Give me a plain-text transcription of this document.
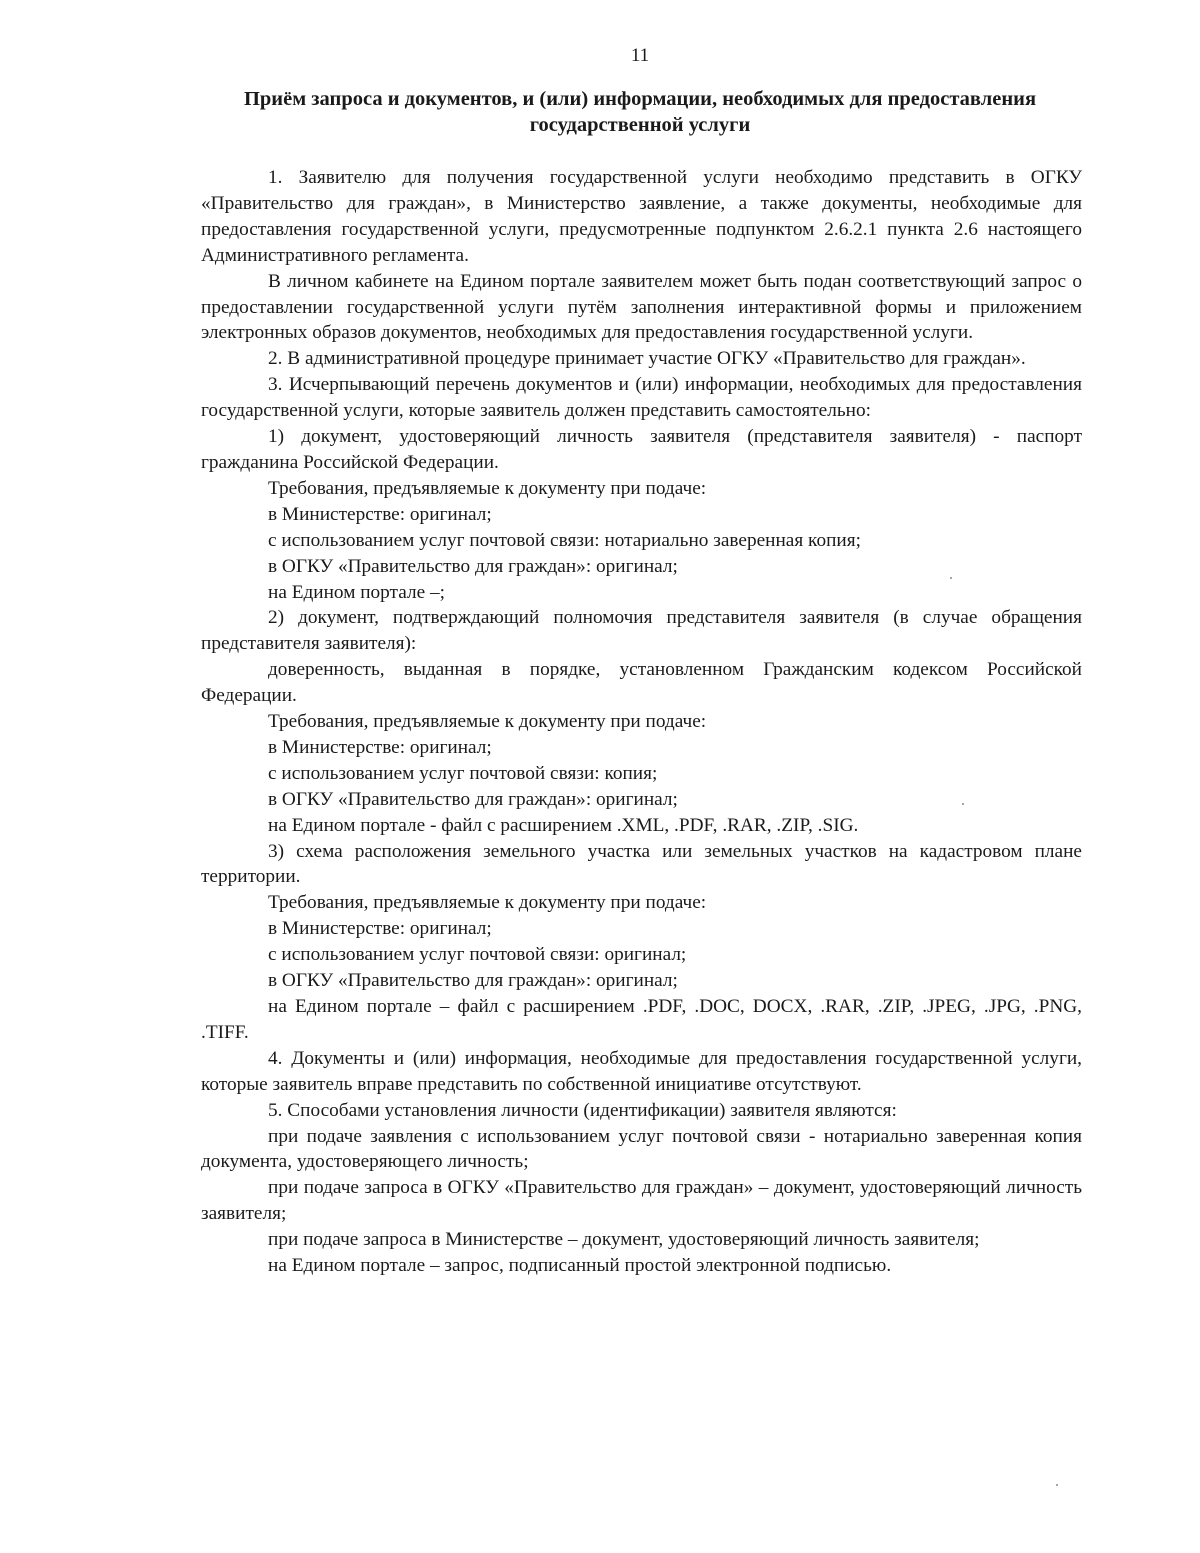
11
Приём запроса и документов, и (или) информации, необходимых для предоставления государственной услуги

1. Заявителю для получения государственной услуги необходимо представить в ОГКУ «Правительство для граждан», в Министерство заявление, а также документы, необходимые для предоставления государственной услуги, предусмотренные подпунктом 2.6.2.1 пункта 2.6 настоящего Административного регламента.

В личном кабинете на Едином портале заявителем может быть подан соответствующий запрос о предоставлении государственной услуги путём заполнения интерактивной формы и приложением электронных образов документов, необходимых для предоставления государственной услуги.

2. В административной процедуре принимает участие ОГКУ «Правительство для граждан».

3. Исчерпывающий перечень документов и (или) информации, необходимых для предоставления государственной услуги, которые заявитель должен представить самостоятельно:

1) документ, удостоверяющий личность заявителя (представителя заявителя) - паспорт гражданина Российской Федерации.

Требования, предъявляемые к документу при подаче:

в Министерстве: оригинал;

с использованием услуг почтовой связи: нотариально заверенная копия;

в ОГКУ «Правительство для граждан»: оригинал;

на Едином портале –;

2) документ, подтверждающий полномочия представителя заявителя (в случае обращения представителя заявителя):

доверенность, выданная в порядке, установленном Гражданским кодексом Российской Федерации.

Требования, предъявляемые к документу при подаче:

в Министерстве: оригинал;

с использованием услуг почтовой связи: копия;

в ОГКУ «Правительство для граждан»: оригинал;

на Едином портале - файл с расширением .XML, .PDF, .RAR, .ZIP, .SIG.

3) схема расположения земельного участка или земельных участков на кадастровом плане территории.

Требования, предъявляемые к документу при подаче:

в Министерстве: оригинал;

с использованием услуг почтовой связи: оригинал;

в ОГКУ «Правительство для граждан»: оригинал;

на Едином портале – файл с расширением .PDF, .DOC, DOCX, .RAR, .ZIP, .JPEG, .JPG, .PNG, .TIFF.

4. Документы и (или) информация, необходимые для предоставления государственной услуги, которые заявитель вправе представить по собственной инициативе отсутствуют.

5. Способами установления личности (идентификации) заявителя являются:

при подаче заявления с использованием услуг почтовой связи - нотариально заверенная копия документа, удостоверяющего личность;

при подаче запроса в ОГКУ «Правительство для граждан» – документ, удостоверяющий личность заявителя;

при подаче запроса в Министерстве – документ, удостоверяющий личность заявителя;

на Едином портале – запрос, подписанный простой электронной подписью.
